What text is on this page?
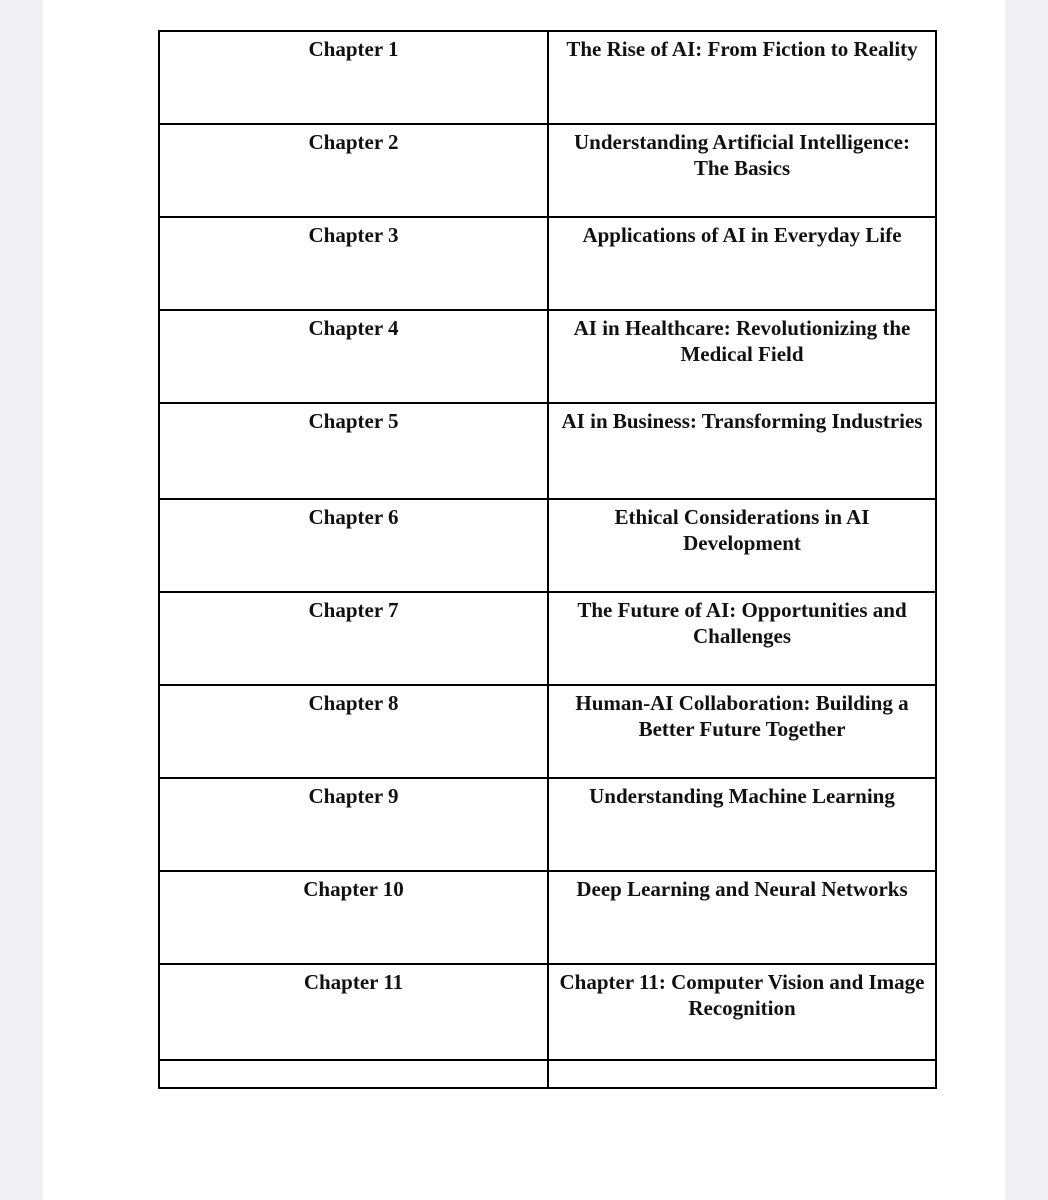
Chapter 1	The Rise of AI: From Fiction to Reality
Chapter 2	Understanding Artificial Intelligence: The Basics
Chapter 3	Applications of AI in Everyday Life
Chapter 4	AI in Healthcare: Revolutionizing the Medical Field
Chapter 5	AI in Business: Transforming Industries
Chapter 6	Ethical Considerations in AI Development
Chapter 7	The Future of AI: Opportunities and Challenges
Chapter 8	Human-AI Collaboration: Building a Better Future Together
Chapter 9	Understanding Machine Learning
Chapter 10	Deep Learning and Neural Networks
Chapter 11	Chapter 11: Computer Vision and Image Recognition
